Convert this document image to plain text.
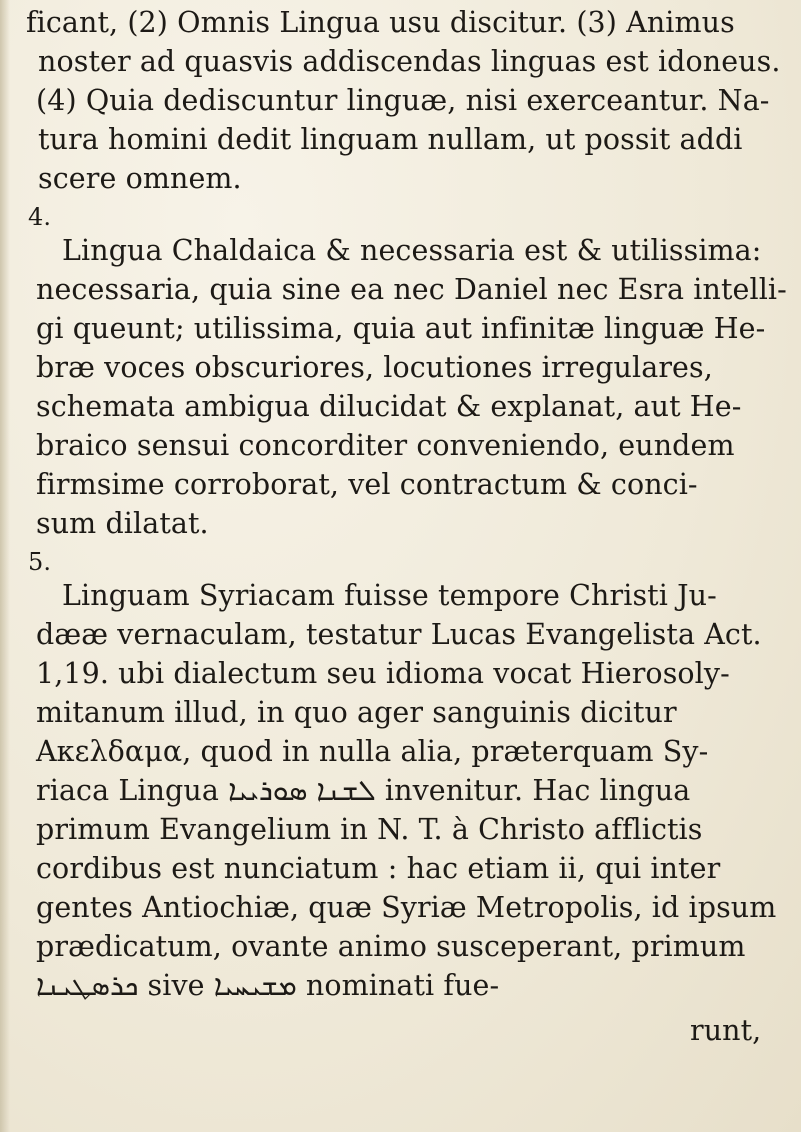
ficant, (2) Omnis Lingua usu discitur. (3) Animus
noster ad quasvis addiscendas linguas est idoneus.
(4) Quia dediscuntur linguæ, nisi exerceantur. Na-
tura homini dedit linguam nullam, ut possit addi
scere omnem.
4.
Lingua Chaldaica & necessaria est & utilissima:
necessaria, quia sine ea nec Daniel nec Esra intelli-
gi queunt; utilissima, quia aut infinitæ linguæ He-
bræ voces obscuriores, locutiones irregulares,
schemata ambigua dilucidat & explanat, aut He-
braico sensui concorditer conveniendo, eundem
firmsime corroborat, vel contractum & conci-
sum dilatat.
5.
Linguam Syriacam fuisse tempore Christi Ju-
dææ vernaculam, testatur Lucas Evangelista Act.
1,19. ubi dialectum seu idioma vocat Hierosoly-
mitanum illud, in quo ager sanguinis dicitur
Ακελδαμα, quod in nulla alia, præterquam Sy-
riaca Lingua ܠܫܢܐ ܣܘܪܝܝܐ invenitur. Hac lingua
primum Evangelium in N. T. à Christo afflictis
cordibus est nunciatum : hac etiam ii, qui inter
gentes Antiochiæ, quæ Syriæ Metropolis, id ipsum
prædicatum, ovante animo susceperant, primum
ܟܪܣܛܝܢܐ sive ܡܫܝܚܝܐ nominati fue-
runt,
